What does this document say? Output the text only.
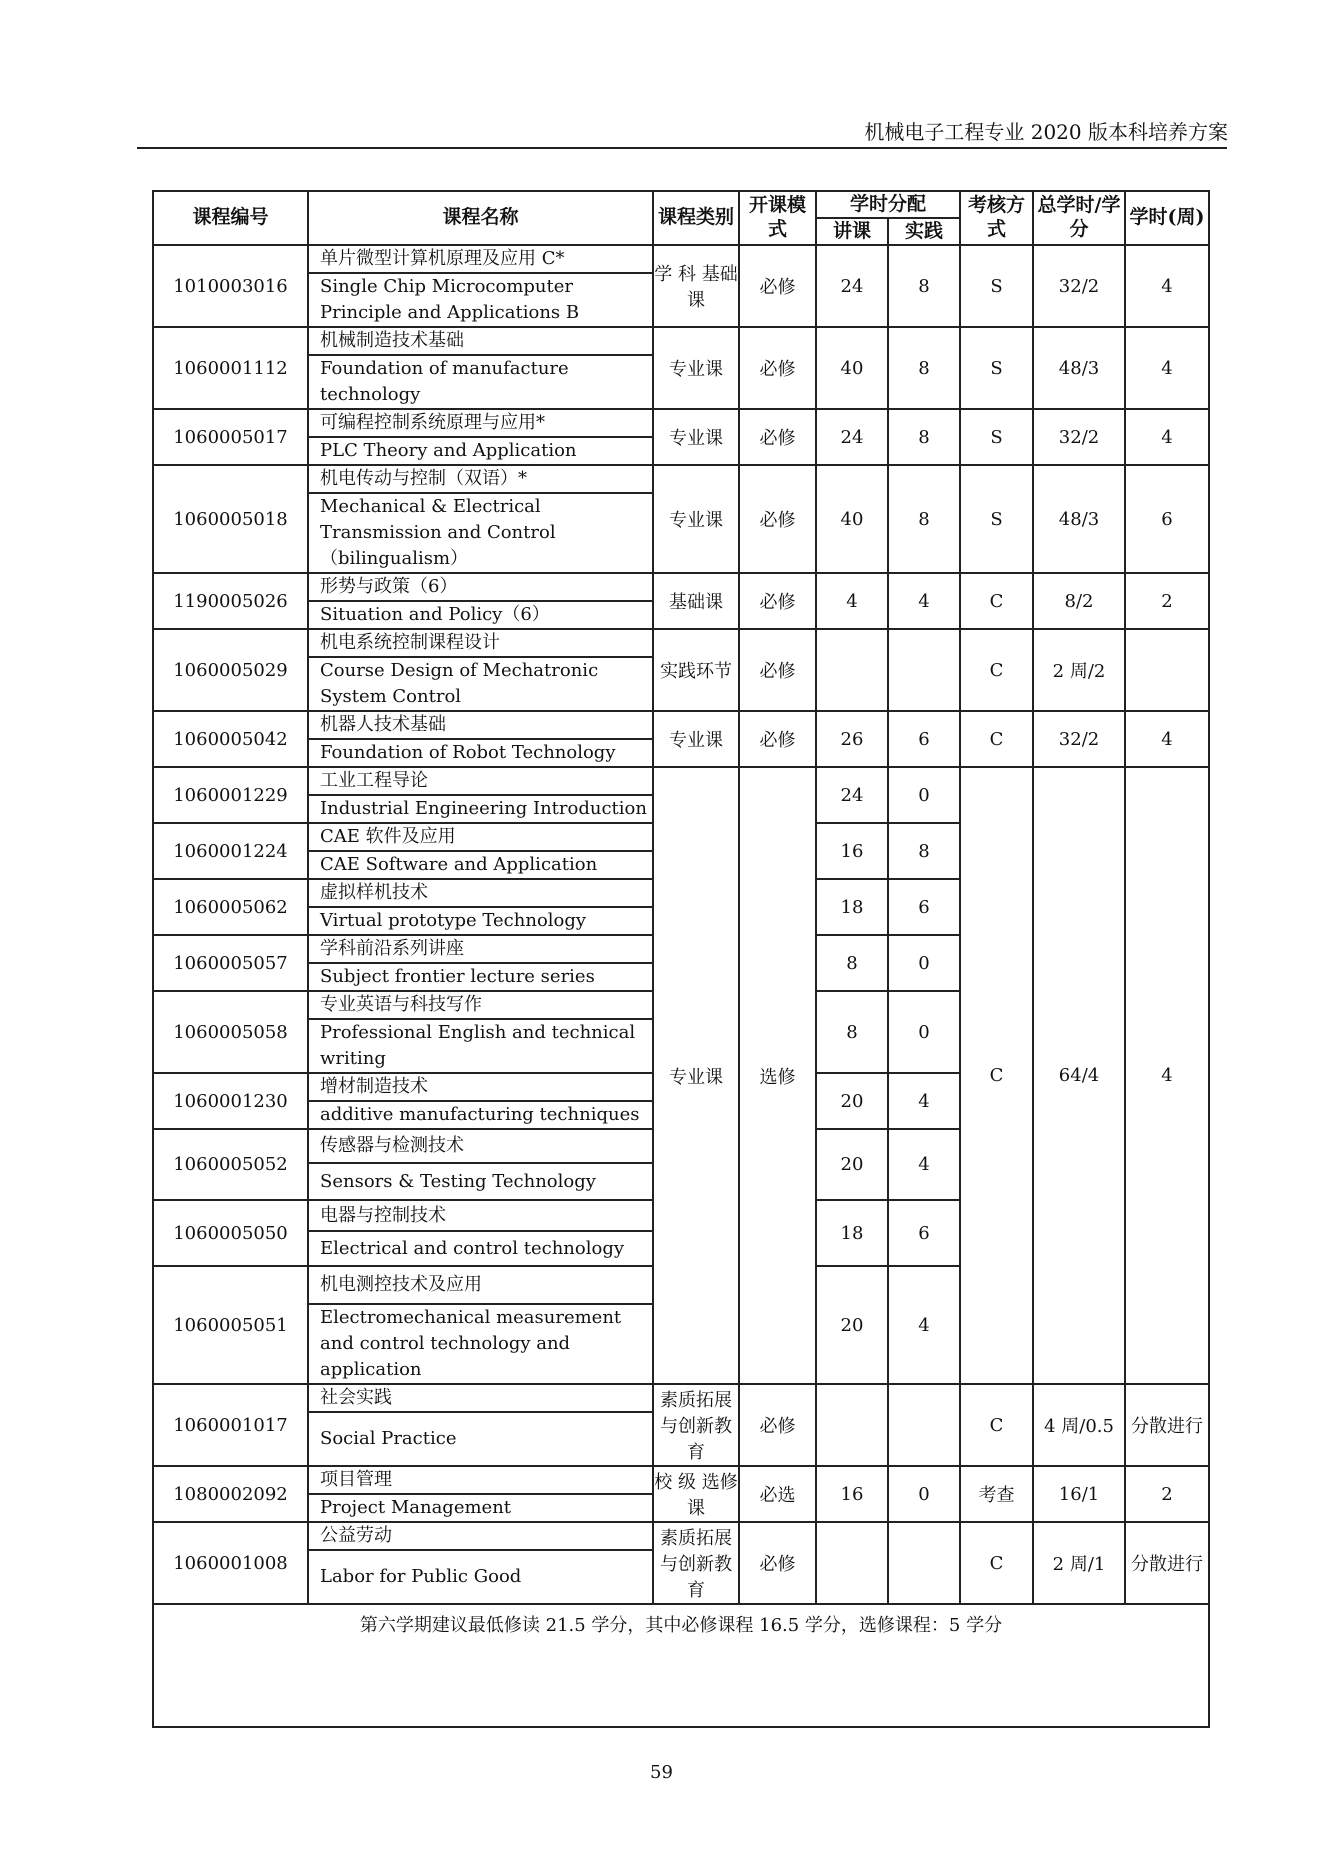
机械电子工程专业 2020 版本科培养方案
课程编号	课程名称	课程类别	开课模式	学时分配		考核方式	总学时/学分	学时(周)
				讲课	实践			
1010003016	单片微型计算机原理及应用 C*	学 科 基础课	必修	24	8	S	32/2	4
	Single Chip Microcomputer Principle and Applications B							
1060001112	机械制造技术基础	专业课	必修	40	8	S	48/3	4
	Foundation of manufacture technology							
1060005017	可编程控制系统原理与应用*	专业课	必修	24	8	S	32/2	4
	PLC Theory and Application							
1060005018	机电传动与控制（双语）*	专业课	必修	40	8	S	48/3	6
	Mechanical & Electrical Transmission and Control（bilingualism）							
1190005026	形势与政策（6）	基础课	必修	4	4	C	8/2	2
	Situation and Policy（6）							
1060005029	机电系统控制课程设计	实践环节	必修			C	2 周/2	
	Course Design of Mechatronic System Control							
1060005042	机器人技术基础	专业课	必修	26	6	C	32/2	4
	Foundation of Robot Technology							
1060001229	工业工程导论	专业课	选修	24	0	C	64/4	4
	Industrial Engineering Introduction							
1060001224	CAE 软件及应用			16	8			
	CAE Software and Application							
1060005062	虚拟样机技术			18	6			
	Virtual prototype Technology							
1060005057	学科前沿系列讲座			8	0			
	Subject frontier lecture series							
1060005058	专业英语与科技写作			8	0			
	Professional English and technical writing							
1060001230	增材制造技术			20	4			
	additive manufacturing techniques							
1060005052	传感器与检测技术			20	4			
	Sensors & Testing Technology							
1060005050	电器与控制技术			18	6			
	Electrical and control technology							
1060005051	机电测控技术及应用			20	4			
	Electromechanical measurement and control technology and application							
1060001017	社会实践	素质拓展与创新教育	必修			C	4 周/0.5	分散进行
	Social Practice							
1080002092	项目管理	校 级 选修课	必选	16	0	考查	16/1	2
	Project Management							
1060001008	公益劳动	素质拓展与创新教育	必修			C	2 周/1	分散进行
	Labor for Public Good							
第六学期建议最低修读 21.5 学分，其中必修课程 16.5 学分，选修课程：5 学分								
59
